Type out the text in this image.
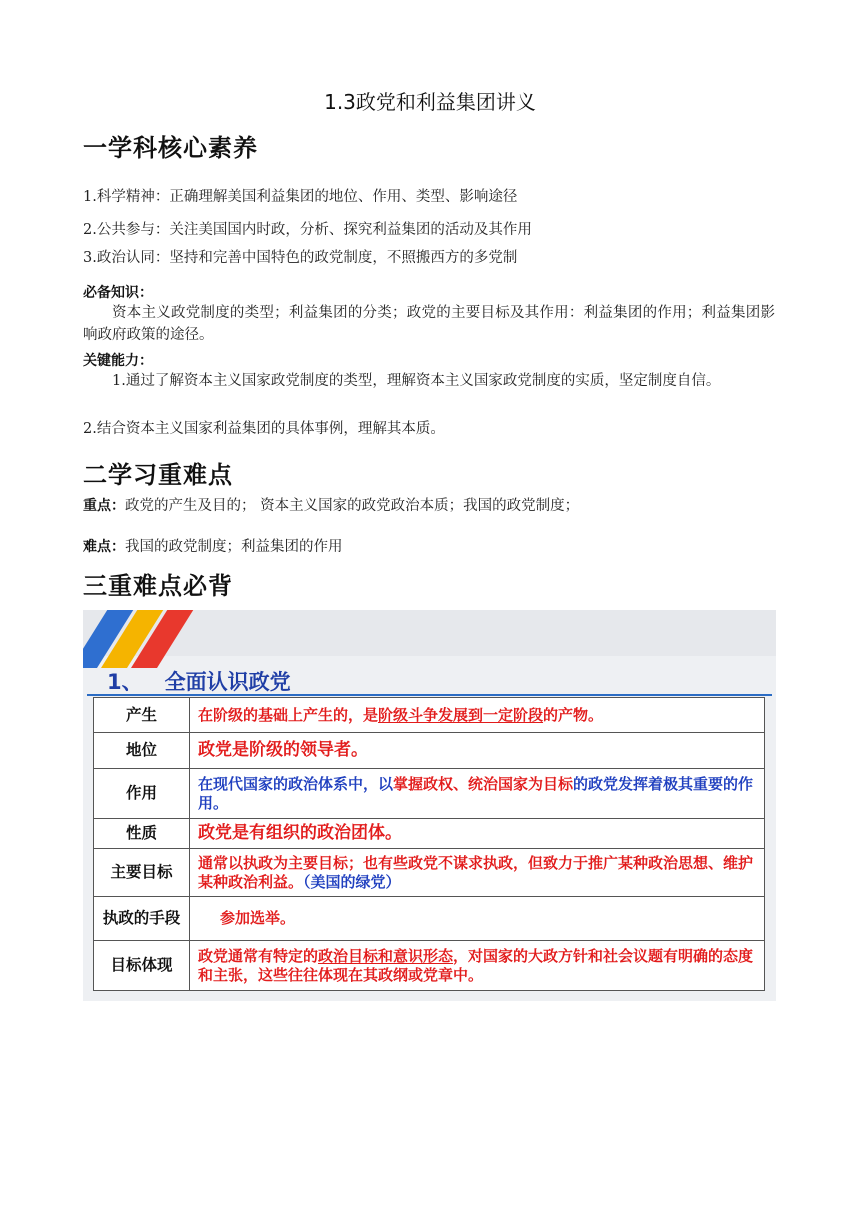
1.3政党和利益集团讲义
一学科核心素养
1.科学精神：正确理解美国利益集团的地位、作用、类型、影响途径
2.公共参与：关注美国国内时政，分析、探究利益集团的活动及其作用
3.政治认同：坚持和完善中国特色的政党制度，不照搬西方的多党制
必备知识：
资本主义政党制度的类型；利益集团的分类；政党的主要目标及其作用：利益集团的作用；利益集团影响政府政策的途径。
关键能力：
1.通过了解资本主义国家政党制度的类型，理解资本主义国家政党制度的实质，坚定制度自信。
2.结合资本主义国家利益集团的具体事例，理解其本质。
二学习重难点
重点：政党的产生及目的； 资本主义国家的政党政治本质；我国的政党制度；
难点：我国的政党制度；利益集团的作用
三重难点必背
1、 全面认识政党
产生	在阶级的基础上产生的，是阶级斗争发展到一定阶段的产物。
地位	政党是阶级的领导者。
作用	在现代国家的政治体系中，以掌握政权、统治国家为目标的政党发挥着极其重要的作用。
性质	政党是有组织的政治团体。
主要目标	通常以执政为主要目标；也有些政党不谋求执政，但致力于推广某种政治思想、维护某种政治利益。（美国的绿党）
执政的手段	参加选举。
目标体现	政党通常有特定的政治目标和意识形态，对国家的大政方针和社会议题有明确的态度和主张，这些往往体现在其政纲或党章中。
